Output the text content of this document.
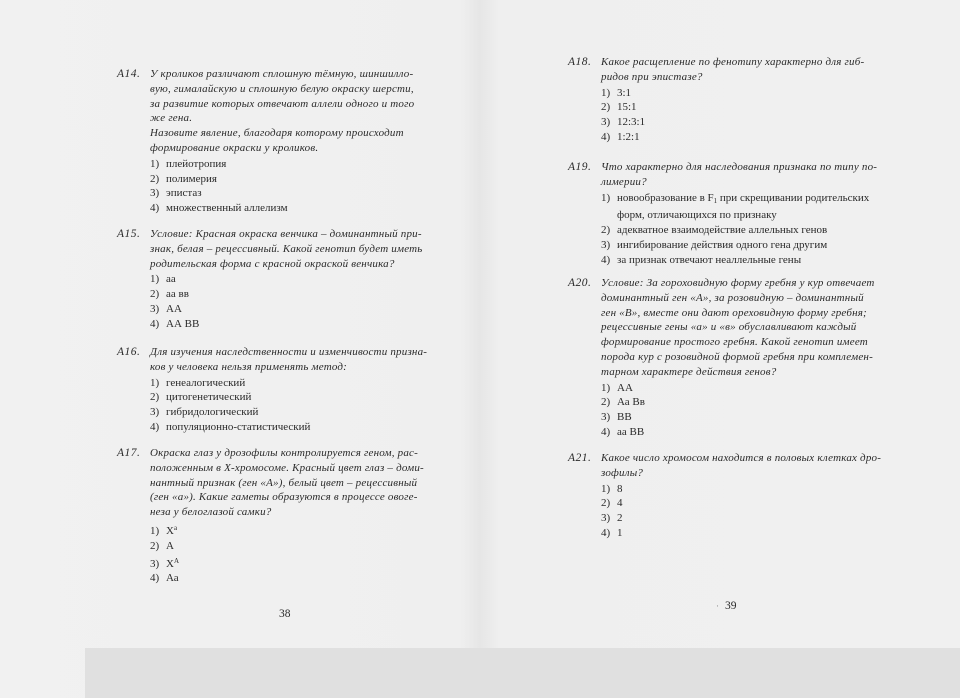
A14. У кроликов различают сплошную тёмную, шиншилло-
вую, гималайскую и сплошную белую окраску шерсти,
за развитие которых отвечают аллели одного и того
же гена.
Назовите явление, благодаря которому происходит
формирование окраски у кроликов.
1) плейотропия
2) полимерия
3) эпистаз
4) множественный аллелизм
A15. Условие: Красная окраска венчика – доминантный при-
знак, белая – рецессивный. Какой генотип будет иметь
родительская форма с красной окраской венчика?
1) аа
2) аа вв
3) АА
4) АА ВВ
A16. Для изучения наследственности и изменчивости призна-
ков у человека нельзя применять метод:
1) генеалогический
2) цитогенетический
3) гибридологический
4) популяционно-статистический
A17. Окраска глаз у дрозофилы контролируется геном, рас-
положенным в X-хромосоме. Красный цвет глаз – доми-
нантный признак (ген «А»), белый цвет – рецессивный
(ген «а»). Какие гаметы образуются в процессе овоге-
неза у белоглазой самки?
1) $X^а$
2) А
3) $X^А$
4) Аа
38
A18. Какое расщепление по фенотипу характерно для гиб-
ридов при эпистазе?
1) 3:1
2) 15:1
3) 12:3:1
4) 1:2:1
A19. Что характерно для наследования признака по типу по-
лимерии?
1) новообразование в F1 при скрещивании родительских
форм, отличающихся по признаку
2) адекватное взаимодействие аллельных генов
3) ингибирование действия одного гена другим
4) за признак отвечают неаллельные гены
A20. Условие: За гороховидную форму гребня у кур отвечает
доминантный ген «А», за розовидную – доминантный
ген «В», вместе они дают ореховидную форму гребня;
рецессивные гены «а» и «в» обуславливают каждый
формирование простого гребня. Какой генотип имеет
порода кур с розовидной формой гребня при комплемен-
тарном характере действия генов?
1) АА
2) Аа Вв
3) ВВ
4) аа ВВ
A21. Какое число хромосом находится в половых клетках дро-
зофилы?
1) 8
2) 4
3) 2
4) 1
· 39
